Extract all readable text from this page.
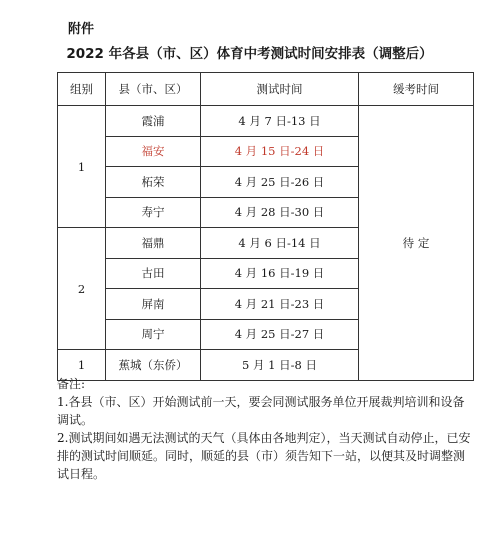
附件
2022 年各县（市、区）体育中考测试时间安排表（调整后）
组别	县（市、区）	测试时间	缓考时间
1	霞浦	4 月 7 日-13 日	待 定
	福安	4 月 15 日-24 日	
	柘荣	4 月 25 日-26 日	
	寿宁	4 月 28 日-30 日	
2	福鼎	4 月 6 日-14 日	
	古田	4 月 16 日-19 日	
	屏南	4 月 21 日-23 日	
	周宁	4 月 25 日-27 日	
1	蕉城（东侨）	5 月 1 日-8 日	

备注:

1.各县（市、区）开始测试前一天，要会同测试服务单位开展裁判培训和设备调试。

2.测试期间如遇无法测试的天气（具体由各地判定），当天测试自动停止，已安排的测试时间顺延。同时，顺延的县（市）须告知下一站，以便其及时调整测试日程。
